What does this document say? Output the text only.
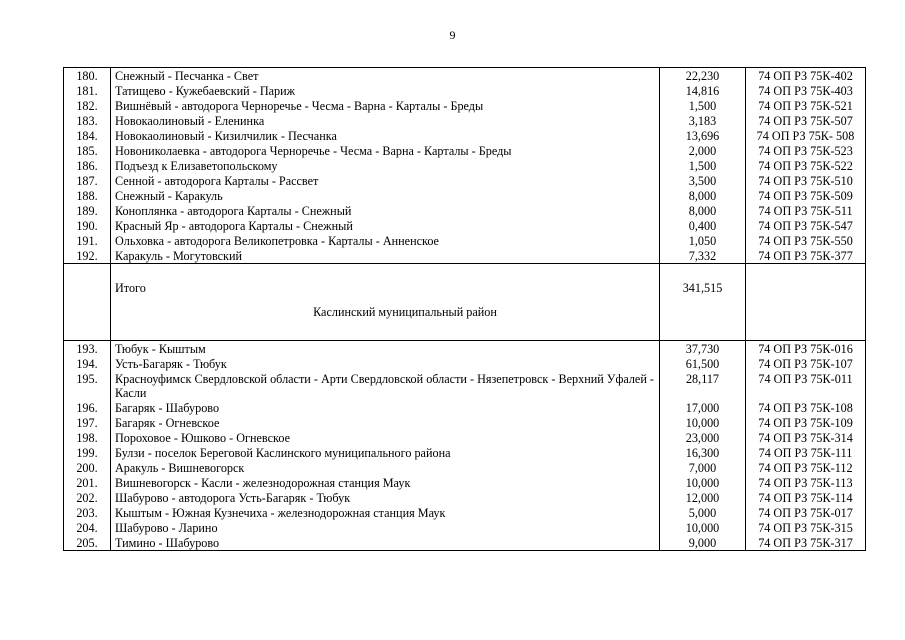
9
180.	Снежный - Песчанка - Свет	22,230	74 ОП РЗ 75К-402
181.	Татищево - Кужебаевский - Париж	14,816	74 ОП РЗ 75К-403
182.	Вишнёвый - автодорога Черноречье - Чесма - Варна - Карталы - Бреды	1,500	74 ОП РЗ 75К-521
183.	Новокаолиновый - Еленинка	3,183	74 ОП РЗ 75К-507
184.	Новокаолиновый - Кизилчилик - Песчанка	13,696	74 ОП РЗ 75К- 508
185.	Новониколаевка - автодорога Черноречье - Чесма - Варна - Карталы - Бреды	2,000	74 ОП РЗ 75К-523
186.	Подъезд к Елизаветопольскому	1,500	74 ОП РЗ 75К-522
187.	Сенной - автодорога Карталы - Рассвет	3,500	74 ОП РЗ 75К-510
188.	Снежный - Каракуль	8,000	74 ОП РЗ 75К-509
189.	Коноплянка - автодорога Карталы - Снежный	8,000	74 ОП РЗ 75К-511
190.	Красный Яр - автодорога Карталы - Снежный	0,400	74 ОП РЗ 75К-547
191.	Ольховка - автодорога Великопетровка - Карталы - Анненское	1,050	74 ОП РЗ 75К-550
192.	Каракуль - Могутовский	7,332	74 ОП РЗ 75К-377

	Итого	341,515	

	Каслинский муниципальный район		

193.	Тюбук - Кыштым	37,730	74 ОП РЗ 75К-016
194.	Усть-Багаряк - Тюбук	61,500	74 ОП РЗ 75К-107
195.	Красноуфимск Свердловской области - Арти Свердловской области - Нязепетровск - Верхний Уфалей - Касли	28,117	74 ОП РЗ 75К-011
196.	Багаряк - Шабурово	17,000	74 ОП РЗ 75К-108
197.	Багаряк - Огневское	10,000	74 ОП РЗ 75К-109
198.	Пороховое - Юшково - Огневское	23,000	74 ОП РЗ 75К-314
199.	Булзи - поселок Береговой Каслинского муниципального района	16,300	74 ОП РЗ 75К-111
200.	Аракуль - Вишневогорск	7,000	74 ОП РЗ 75К-112
201.	Вишневогорск - Касли - железнодорожная станция Маук	10,000	74 ОП РЗ 75К-113
202.	Шабурово - автодорога Усть-Багаряк - Тюбук	12,000	74 ОП РЗ 75К-114
203.	Кыштым - Южная Кузнечиха - железнодорожная станция Маук	5,000	74 ОП РЗ 75К-017
204.	Шабурово - Ларино	10,000	74 ОП РЗ 75К-315
205.	Тимино - Шабурово	9,000	74 ОП РЗ 75К-317
